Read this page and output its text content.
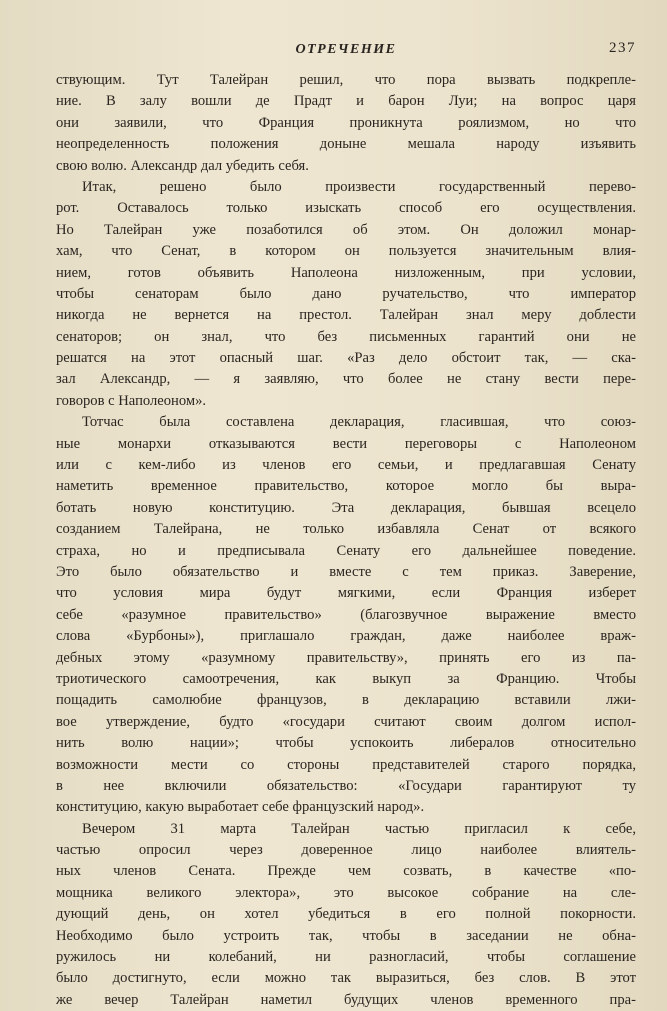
ОТРЕЧЕНИЕ	237
ствующим. Тут Талейран решил, что пора вызвать подкрепле-
ние. В залу вошли де Прадт и барон Луи; на вопрос царя
они заявили, что Франция проникнута роялизмом, но что
неопределенность положения доныне мешала народу изъявить
свою волю. Александр дал убедить себя.
Итак, решено было произвести государственный перево-
рот. Оставалось только изыскать способ его осуществления.
Но Талейран уже позаботился об этом. Он доложил монар-
хам, что Сенат, в котором он пользуется значительным влия-
нием, готов объявить Наполеона низложенным, при условии,
чтобы сенаторам было дано ручательство, что император
никогда не вернется на престол. Талейран знал меру доблести
сенаторов; он знал, что без письменных гарантий они не
решатся на этот опасный шаг. «Раз дело обстоит так, — ска-
зал Александр, — я заявляю, что более не стану вести пере-
говоров с Наполеоном».
Тотчас была составлена декларация, гласившая, что союз-
ные монархи отказываются вести переговоры с Наполеоном
или с кем-либо из членов его семьи, и предлагавшая Сенату
наметить временное правительство, которое могло бы выра-
ботать новую конституцию. Эта декларация, бывшая всецело
созданием Талейрана, не только избавляла Сенат от всякого
страха, но и предписывала Сенату его дальнейшее поведение.
Это было обязательство и вместе с тем приказ. Заверение,
что условия мира будут мягкими, если Франция изберет
себе «разумное правительство» (благозвучное выражение вместо
слова «Бурбоны»), приглашало граждан, даже наиболее враж-
дебных этому «разумному правительству», принять его из па-
триотического самоотречения, как выкуп за Францию. Чтобы
пощадить самолюбие французов, в декларацию вставили лжи-
вое утверждение, будто «государи считают своим долгом испол-
нить волю нации»; чтобы успокоить либералов относительно
возможности мести со стороны представителей старого порядка,
в нее включили обязательство: «Государи гарантируют ту
конституцию, какую выработает себе французский народ».
Вечером 31 марта Талейран частью пригласил к себе,
частью опросил через доверенное лицо наиболее влиятель-
ных членов Сената. Прежде чем созвать, в качестве «по-
мощника великого электора», это высокое собрание на сле-
дующий день, он хотел убедиться в его полной покорности.
Необходимо было устроить так, чтобы в заседании не обна-
ружилось ни колебаний, ни разногласий, чтобы соглашение
было достигнуто, если можно так выразиться, без слов. В этот
же вечер Талейран наметил будущих членов временного пра-
